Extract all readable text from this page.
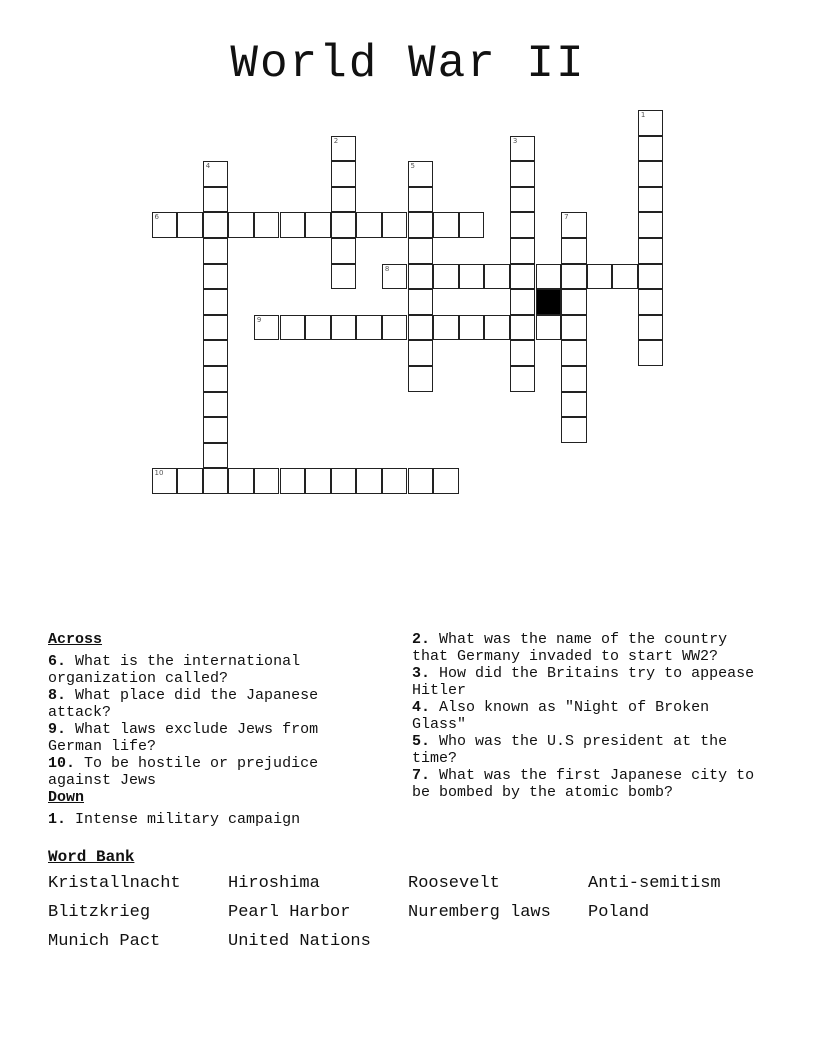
World War II
6
8
9
10
1
2	3
4	5
7
Across

6. What is the international organization called?

8. What place did the Japanese attack?

9. What laws exclude Jews from German life?

10. To be hostile or prejudice against Jews

Down

1. Intense military campaign

2. What was the name of the country that Germany invaded to start WW2?

3. How did the Britains try to appease Hitler

4. Also known as "Night of Broken Glass"

5. Who was the U.S president at the time?

7. What was the first Japanese city to be bombed by the atomic bomb?

Word Bank
Kristallnacht	Hiroshima	Roosevelt	Anti-semitism
Blitzkrieg	Pearl Harbor	Nuremberg laws	Poland
Munich Pact	United Nations
